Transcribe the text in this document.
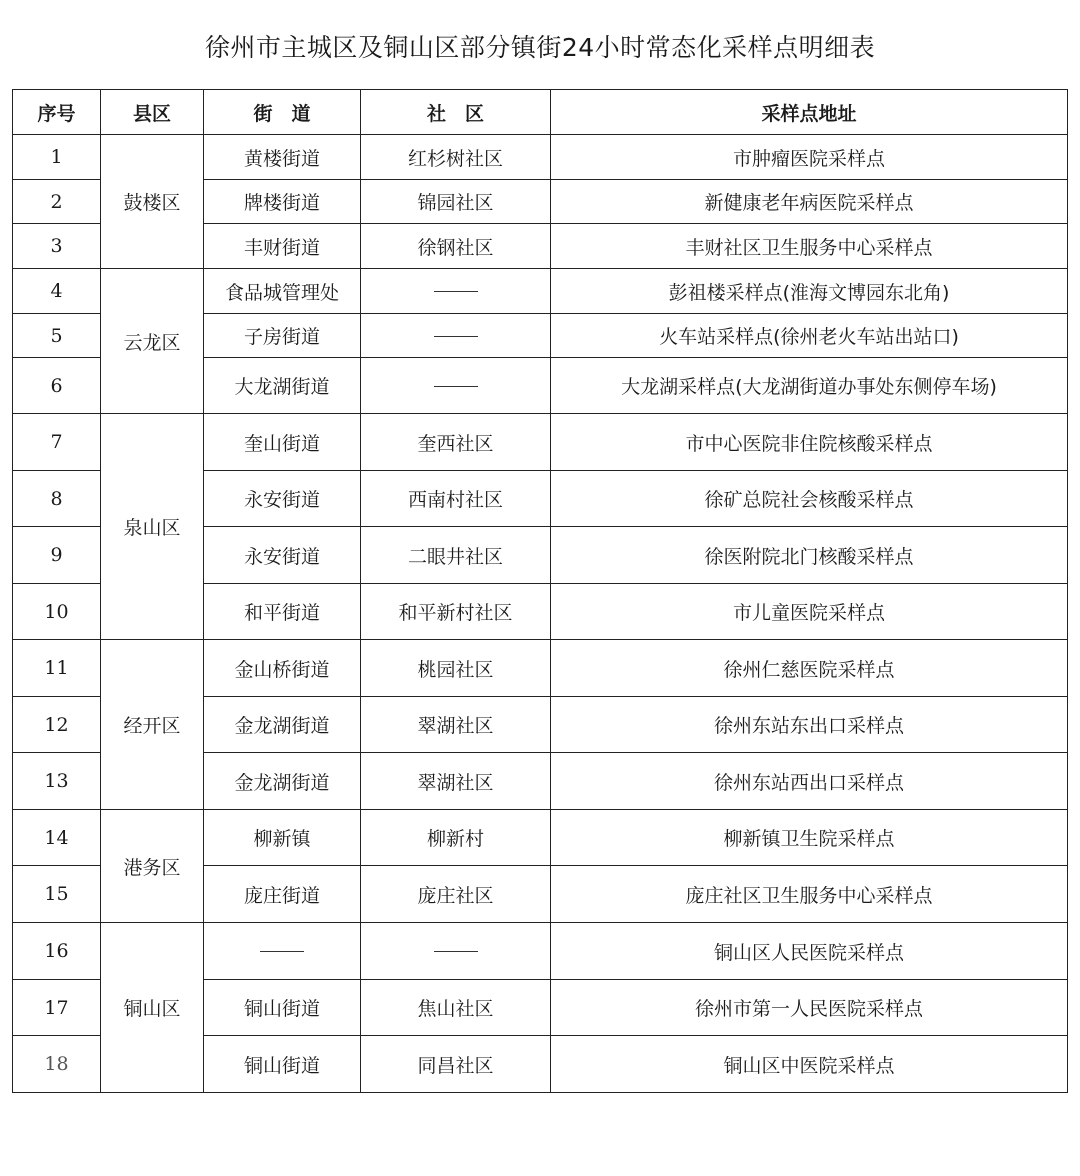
徐州市主城区及铜山区部分镇街24小时常态化采样点明细表
序号	县区	街　道	社　区	采样点地址
1	鼓楼区	黄楼街道	红杉树社区	市肿瘤医院采样点
2		牌楼街道	锦园社区	新健康老年病医院采样点
3		丰财街道	徐钢社区	丰财社区卫生服务中心采样点
4	云龙区	食品城管理处		彭祖楼采样点(淮海文博园东北角)
5		子房街道		火车站采样点(徐州老火车站出站口)
6		大龙湖街道		大龙湖采样点(大龙湖街道办事处东侧停车场)
7	泉山区	奎山街道	奎西社区	市中心医院非住院核酸采样点
8		永安街道	西南村社区	徐矿总院社会核酸采样点
9		永安街道	二眼井社区	徐医附院北门核酸采样点
10		和平街道	和平新村社区	市儿童医院采样点
11	经开区	金山桥街道	桃园社区	徐州仁慈医院采样点
12		金龙湖街道	翠湖社区	徐州东站东出口采样点
13		金龙湖街道	翠湖社区	徐州东站西出口采样点
14	港务区	柳新镇	柳新村	柳新镇卫生院采样点
15		庞庄街道	庞庄社区	庞庄社区卫生服务中心采样点
16	铜山区			铜山区人民医院采样点
17		铜山街道	焦山社区	徐州市第一人民医院采样点
18		铜山街道	同昌社区	铜山区中医院采样点
